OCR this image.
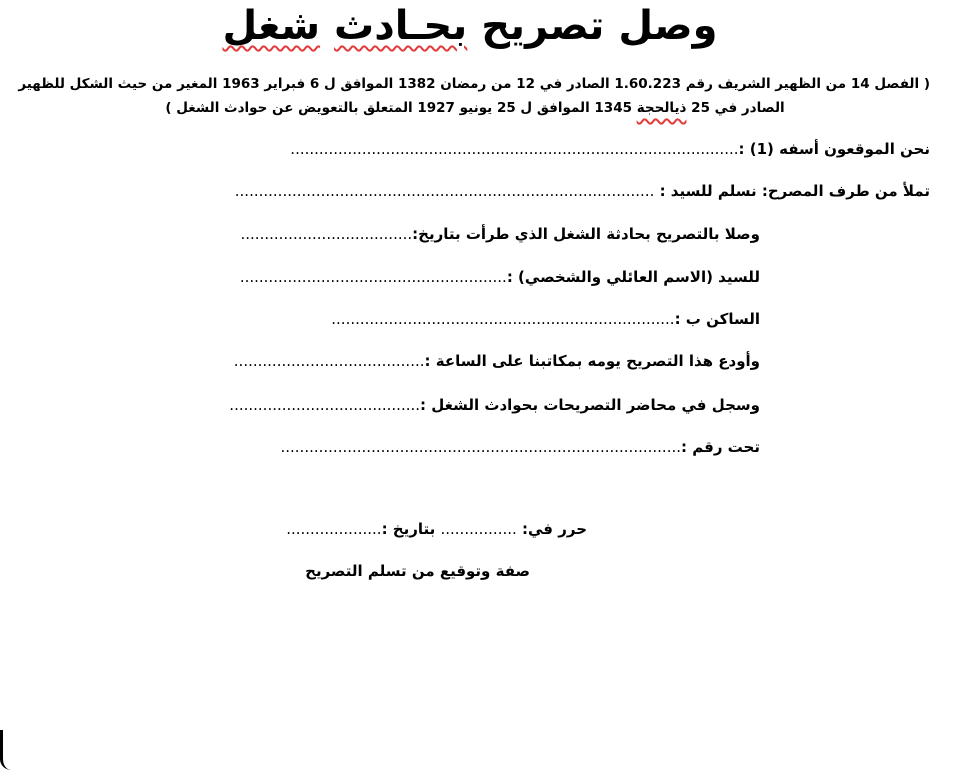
وصل تصريح بحـادث شغل
( الفصل 14 من الظهير الشريف رقم 1.60.223 الصادر في 12 من رمضان 1382 الموافق ل 6 فبراير 1963 المغير من حيث الشكل للظهير
الصادر في 25 ذيالحجة 1345 الموافق ل 25 يونيو 1927 المتعلق بالتعويض عن حوادث الشغل )
نحن الموقعون أسفه (1) :..............................................................................................
تملأ من طرف المصرح: نسلم للسيد : ........................................................................................
وصلا بالتصريح بحادثة الشغل الذي طرأت بتاريخ:....................................
للسيد (الاسم العائلي والشخصي) :........................................................
الساكن ب :........................................................................
وأودع هذا التصريح يومه بمكاتبنا على الساعة :........................................
وسجل في محاضر التصريحات بحوادث الشغل :........................................
تحت رقم :....................................................................................
حرر في: ................ بتاريخ :....................
صفة وتوقيع من تسلم التصريح
